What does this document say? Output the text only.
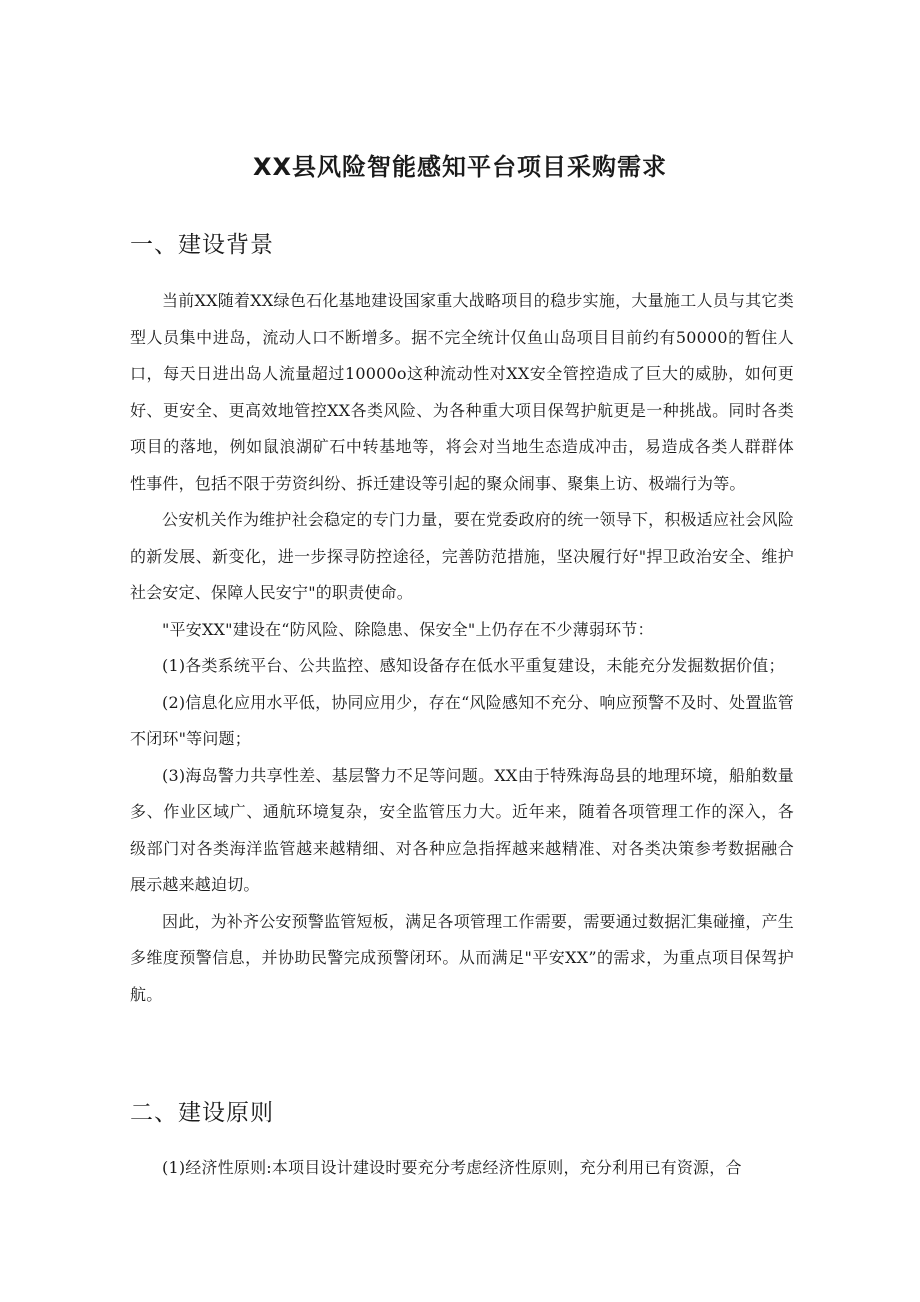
XX县风险智能感知平台项目采购需求
一、建设背景

当前XX随着XX绿色石化基地建设国家重大战略项目的稳步实施，大量施工人员与其它类型人员集中进岛，流动人口不断增多。据不完全统计仅鱼山岛项目目前约有50000的暂住人口，每天日进出岛人流量超过10000o这种流动性对XX安全管控造成了巨大的威胁，如何更好、更安全、更高效地管控XX各类风险、为各种重大项目保驾护航更是一种挑战。同时各类项目的落地，例如鼠浪湖矿石中转基地等，将会对当地生态造成冲击，易造成各类人群群体性事件，包括不限于劳资纠纷、拆迁建设等引起的聚众闹事、聚集上访、极端行为等。

公安机关作为维护社会稳定的专门力量，要在党委政府的统一领导下，积极适应社会风险的新发展、新变化，进一步探寻防控途径，完善防范措施，坚决履行好"捍卫政治安全、维护社会安定、保障人民安宁"的职责使命。

"平安XX"建设在“防风险、除隐患、保安全"上仍存在不少薄弱环节：

(1)各类系统平台、公共监控、感知设备存在低水平重复建设，未能充分发掘数据价值；

(2)信息化应用水平低，协同应用少，存在“风险感知不充分、响应预警不及时、处置监管不闭环"等问题；

(3)海岛警力共享性差、基层警力不足等问题。XX由于特殊海岛县的地理环境，船舶数量多、作业区域广、通航环境复杂，安全监管压力大。近年来，随着各项管理工作的深入，各级部门对各类海洋监管越来越精细、对各种应急指挥越来越精准、对各类决策参考数据融合展示越来越迫切。

因此，为补齐公安预警监管短板，满足各项管理工作需要，需要通过数据汇集碰撞，产生多维度预警信息，并协助民警完成预警闭环。从而满足"平安XX”的需求，为重点项目保驾护航。

二、建设原则

(1)经济性原则:本项目设计建设时要充分考虑经济性原则，充分利用已有资源，合
